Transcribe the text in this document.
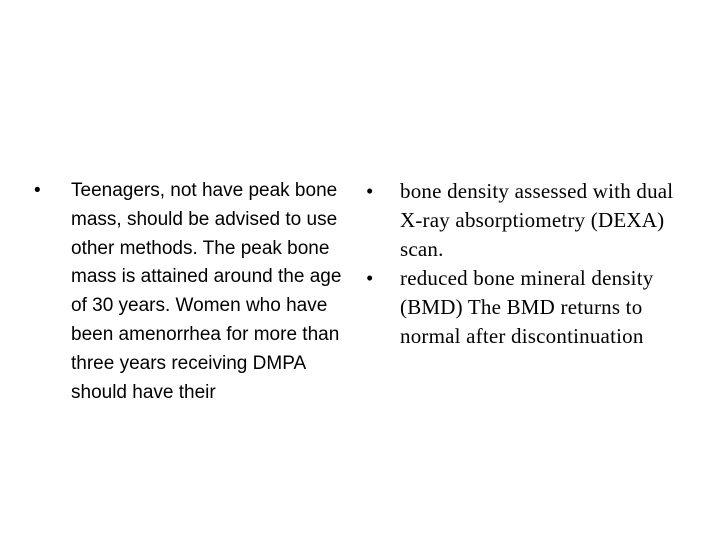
• Teenagers, not have peak bone mass, should be advised to use other methods. The peak bone mass is attained around the age of 30 years. Women who have been amenorrhea for more than three years receiving DMPA should have their
• bone density assessed with dual X-ray absorptiometry (DEXA) scan.
• reduced bone mineral density (BMD) The BMD returns to normal after discontinuation
